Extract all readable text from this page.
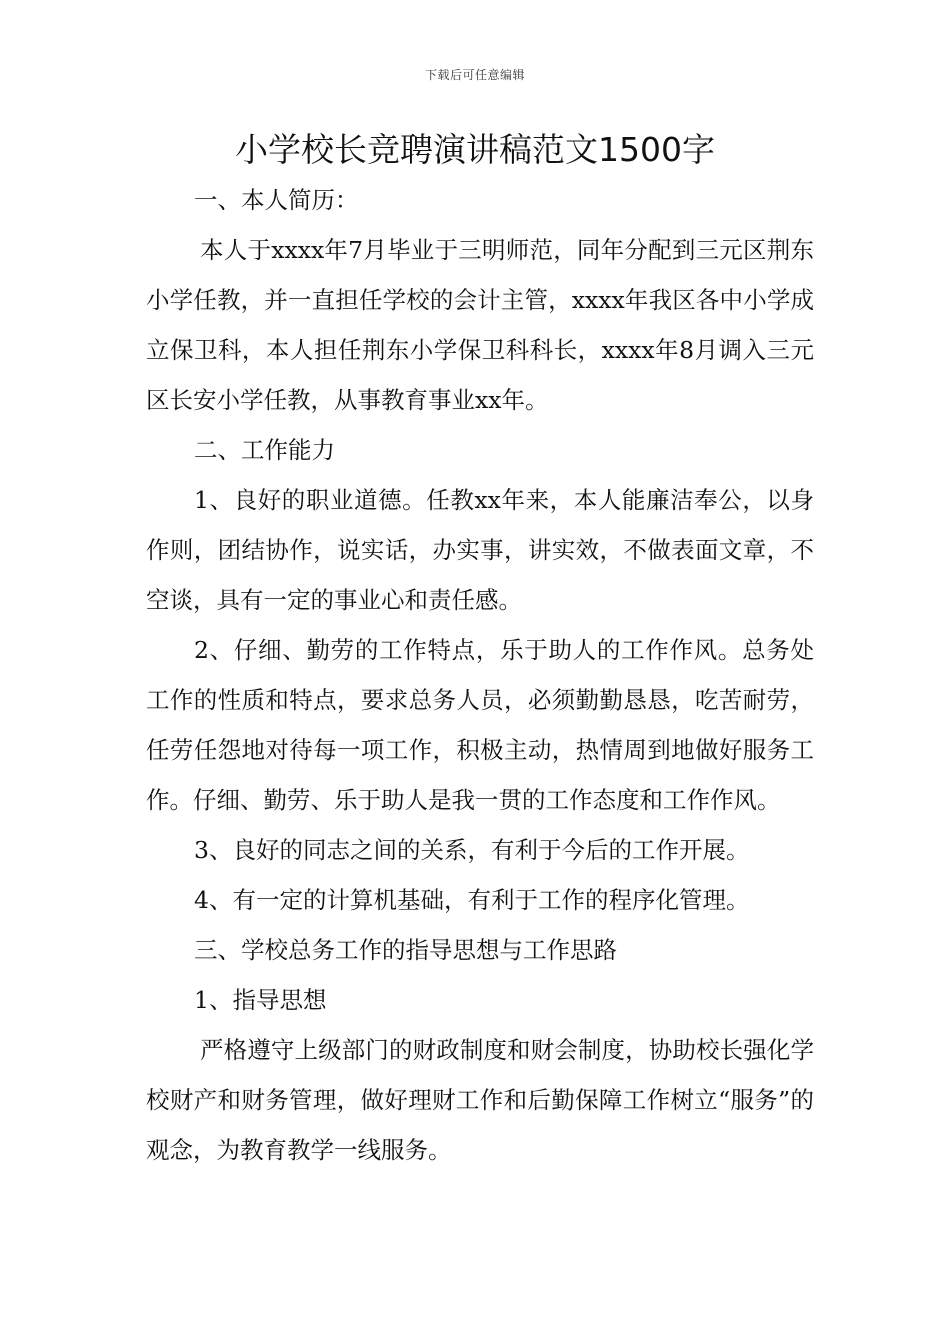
下载后可任意编辑
小学校长竞聘演讲稿范文1500字

一、本人简历：

本人于xxxx年7月毕业于三明师范，同年分配到三元区荆东小学任教，并一直担任学校的会计主管，xxxx年我区各中小学成立保卫科，本人担任荆东小学保卫科科长，xxxx年8月调入三元区长安小学任教，从事教育事业xx年。

二、工作能力

1、良好的职业道德。任教xx年来，本人能廉洁奉公，以身作则，团结协作，说实话，办实事，讲实效，不做表面文章，不空谈，具有一定的事业心和责任感。

2、仔细、勤劳的工作特点，乐于助人的工作作风。总务处工作的性质和特点，要求总务人员，必须勤勤恳恳，吃苦耐劳，任劳任怨地对待每一项工作，积极主动，热情周到地做好服务工作。仔细、勤劳、乐于助人是我一贯的工作态度和工作作风。

3、良好的同志之间的关系，有利于今后的工作开展。

4、有一定的计算机基础，有利于工作的程序化管理。

三、学校总务工作的指导思想与工作思路

1、指导思想

严格遵守上级部门的财政制度和财会制度，协助校长强化学校财产和财务管理，做好理财工作和后勤保障工作树立“服务”的观念，为教育教学一线服务。
